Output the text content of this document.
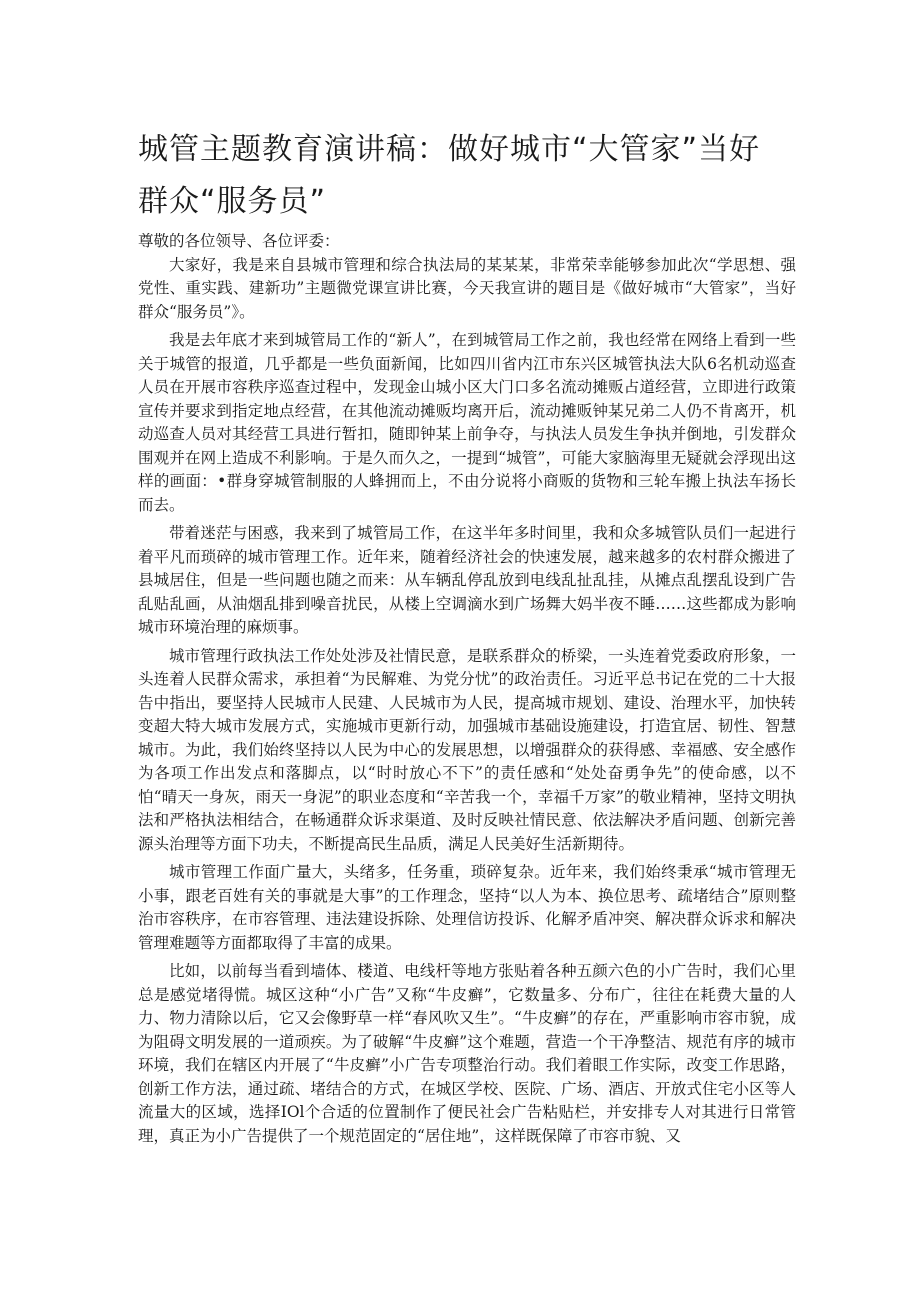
城管主题教育演讲稿：做好城市“大管家”当好群众“服务员”

尊敬的各位领导、各位评委：

大家好，我是来自县城市管理和综合执法局的某某某，非常荣幸能够参加此次“学思想、强党性、重实践、建新功”主题微党课宣讲比赛，今天我宣讲的题目是《做好城市“大管家”，当好群众“服务员”》。

我是去年底才来到城管局工作的“新人”，在到城管局工作之前，我也经常在网络上看到一些关于城管的报道，几乎都是一些负面新闻，比如四川省内江市东兴区城管执法大队6名机动巡查人员在开展市容秩序巡查过程中，发现金山城小区大门口多名流动摊贩占道经营，立即进行政策宣传并要求到指定地点经营，在其他流动摊贩均离开后，流动摊贩钟某兄弟二人仍不肯离开，机动巡查人员对其经营工具进行暂扣，随即钟某上前争夺，与执法人员发生争执并倒地，引发群众围观并在网上造成不利影响。于是久而久之，一提到“城管”，可能大家脑海里无疑就会浮现出这样的画面：•群身穿城管制服的人蜂拥而上，不由分说将小商贩的货物和三轮车搬上执法车扬长而去。

带着迷茫与困惑，我来到了城管局工作，在这半年多时间里，我和众多城管队员们一起进行着平凡而琐碎的城市管理工作。近年来，随着经济社会的快速发展，越来越多的农村群众搬进了县城居住，但是一些问题也随之而来：从车辆乱停乱放到电线乱扯乱挂，从摊点乱摆乱设到广告乱贴乱画，从油烟乱排到噪音扰民，从楼上空调滴水到广场舞大妈半夜不睡……这些都成为影响城市环境治理的麻烦事。

城市管理行政执法工作处处涉及社情民意，是联系群众的桥梁，一头连着党委政府形象，一头连着人民群众需求，承担着“为民解难、为党分忧”的政治责任。习近平总书记在党的二十大报告中指出，要坚持人民城市人民建、人民城市为人民，提高城市规划、建设、治理水平，加快转变超大特大城市发展方式，实施城市更新行动，加强城市基础设施建设，打造宜居、韧性、智慧城市。为此，我们始终坚持以人民为中心的发展思想，以增强群众的获得感、幸福感、安全感作为各项工作出发点和落脚点，以“时时放心不下”的责任感和“处处奋勇争先”的使命感，以不怕“晴天一身灰，雨天一身泥”的职业态度和“辛苦我一个，幸福千万家”的敬业精神，坚持文明执法和严格执法相结合，在畅通群众诉求渠道、及时反映社情民意、依法解决矛盾问题、创新完善源头治理等方面下功夫，不断提高民生品质，满足人民美好生活新期待。

城市管理工作面广量大，头绪多，任务重，琐碎复杂。近年来，我们始终秉承“城市管理无小事，跟老百姓有关的事就是大事”的工作理念，坚持“以人为本、换位思考、疏堵结合”原则整治市容秩序，在市容管理、违法建设拆除、处理信访投诉、化解矛盾冲突、解决群众诉求和解决管理难题等方面都取得了丰富的成果。

比如，以前每当看到墙体、楼道、电线杆等地方张贴着各种五颜六色的小广告时，我们心里总是感觉堵得慌。城区这种“小广告”又称“牛皮癣”，它数量多、分布广，往往在耗费大量的人力、物力清除以后，它又会像野草一样“春风吹又生”。“牛皮癣”的存在，严重影响市容市貌，成为阻碍文明发展的一道顽疾。为了破解“牛皮癣”这个难题，营造一个干净整洁、规范有序的城市环境，我们在辖区内开展了“牛皮癣”小广告专项整治行动。我们着眼工作实际，改变工作思路，创新工作方法，通过疏、堵结合的方式，在城区学校、医院、广场、酒店、开放式住宅小区等人流量大的区域，选择IOl个合适的位置制作了便民社会广告粘贴栏，并安排专人对其进行日常管理，真正为小广告提供了一个规范固定的“居住地”，这样既保障了市容市貌、又
